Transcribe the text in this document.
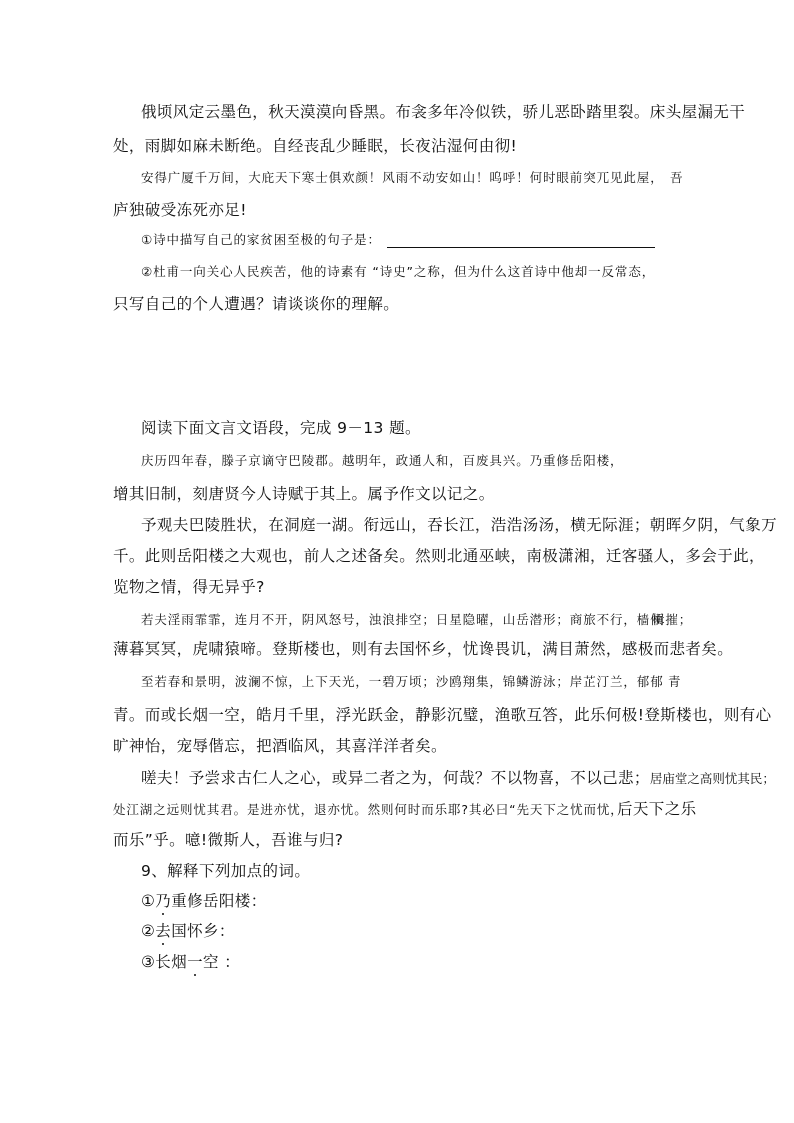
俄顷风定云墨色，秋天漠漠向昏黑。布衾多年冷似铁，骄儿恶卧踏里裂。床头屋漏无干
处，雨脚如麻未断绝。自经丧乱少睡眠，长夜沾湿何由彻!
安得广厦千万间，大庇天下寒士俱欢颜！风雨不动安如山！呜呼！何时眼前突兀见此屋， 吾
庐独破受冻死亦足!
①诗中描写自己的家贫困至极的句子是：
②杜甫一向关心人民疾苦，他的诗素有 “诗史”之称，但为什么这首诗中他却一反常态，
只写自己的个人遭遇？请谈谈你的理解。
阅读下面文言文语段，完成 9－13 题。
庆历四年春，滕子京谪守巴陵郡。越明年，政通人和，百废具兴。乃重修岳阳楼，
增其旧制，刻唐贤今人诗赋于其上。属予作文以记之。
予观夫巴陵胜状，在洞庭一湖。衔远山，吞长江，浩浩汤汤，横无际涯；朝晖夕阴，气象万
千。此则岳阳楼之大观也，前人之述备矣。然则北通巫峡，南极潇湘，迁客骚人，多会于此，
览物之情，得无异乎?
若夫淫雨霏霏，连月不开，阴风怒号，浊浪排空；日星隐曜，山岳潜形；商旅不行，樯倾
楫摧；
薄暮冥冥，虎啸猿啼。登斯楼也，则有去国怀乡，忧谗畏讥，满目萧然，感极而悲者矣。
至若春和景明，波澜不惊，上下天光，一碧万顷；沙鸥翔集，锦鳞游泳；岸芷汀兰，郁郁 青
青。而或长烟一空，皓月千里，浮光跃金，静影沉璧，渔歌互答，此乐何极!登斯楼也，则有心
旷神怡，宠辱偕忘，把酒临风，其喜洋洋者矣。
嗟夫！予尝求古仁人之心，或异二者之为，何哉？不以物喜，不以己悲；居庙堂之高则忧其民；
处江湖之远则忧其君。是进亦忧，退亦忧。然则何时而乐耶?其必曰“先天下之忧而忧，
后天下之乐
而乐”乎。噫!微斯人，吾谁与归?
9、解释下列加点的词。
①乃重修岳阳楼：
②去国怀乡：
③长烟一空 ：
